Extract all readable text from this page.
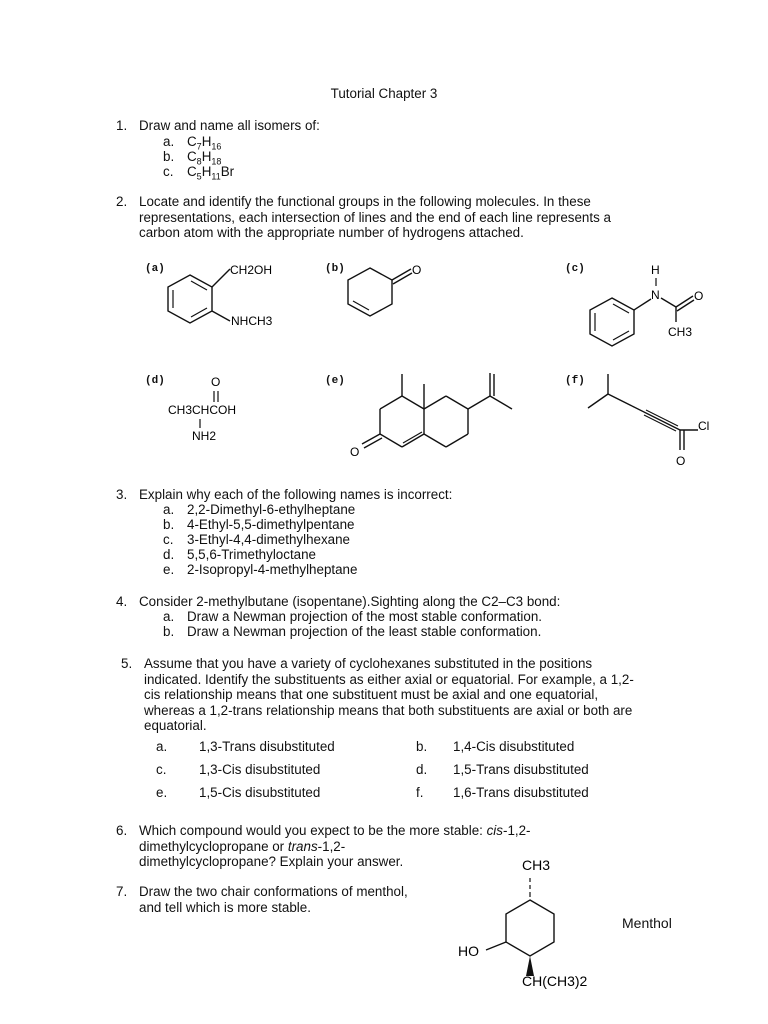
Tutorial Chapter 3
1. Draw and name all isomers of:
a. $C_7H_{16}$
b. $C_8H_{18}$
c. $C_5H_{11}Br$
2. Locate and identify the functional groups in the following molecules. In these
representations, each intersection of lines and the end of each line represents a
carbon atom with the appropriate number of hydrogens attached.
(a)	(b)	(c)
(d)	(e)	(f)
CH2OH
NHCH3
O	H
N	O
CH3
O
CH3CHCOH
NH2
O
Cl
O
3. Explain why each of the following names is incorrect:
a. 2,2-Dimethyl-6-ethylheptane
b. 4-Ethyl-5,5-dimethylpentane
c. 3-Ethyl-4,4-dimethylhexane
d. 5,5,6-Trimethyloctane
e. 2-Isopropyl-4-methylheptane
4. Consider 2-methylbutane (isopentane).Sighting along the C2–C3 bond:
a. Draw a Newman projection of the most stable conformation.
b. Draw a Newman projection of the least stable conformation.
5. Assume that you have a variety of cyclohexanes substituted in the positions
indicated. Identify the substituents as either axial or equatorial. For example, a 1,2-
cis relationship means that one substituent must be axial and one equatorial,
whereas a 1,2-trans relationship means that both substituents are axial or both are
equatorial.
a. 1,3-Trans disubstituted	b. 1,4-Cis disubstituted
c. 1,3-Cis disubstituted	d. 1,5-Trans disubstituted
e. 1,5-Cis disubstituted	f. 1,6-Trans disubstituted
6. Which compound would you expect to be the more stable: cis-1,2-
dimethylcyclopropane or trans-1,2-
dimethylcyclopropane? Explain your answer.
7. Draw the two chair conformations of menthol,
and tell which is more stable.
CH3
HO
CH(CH3)2
Menthol
